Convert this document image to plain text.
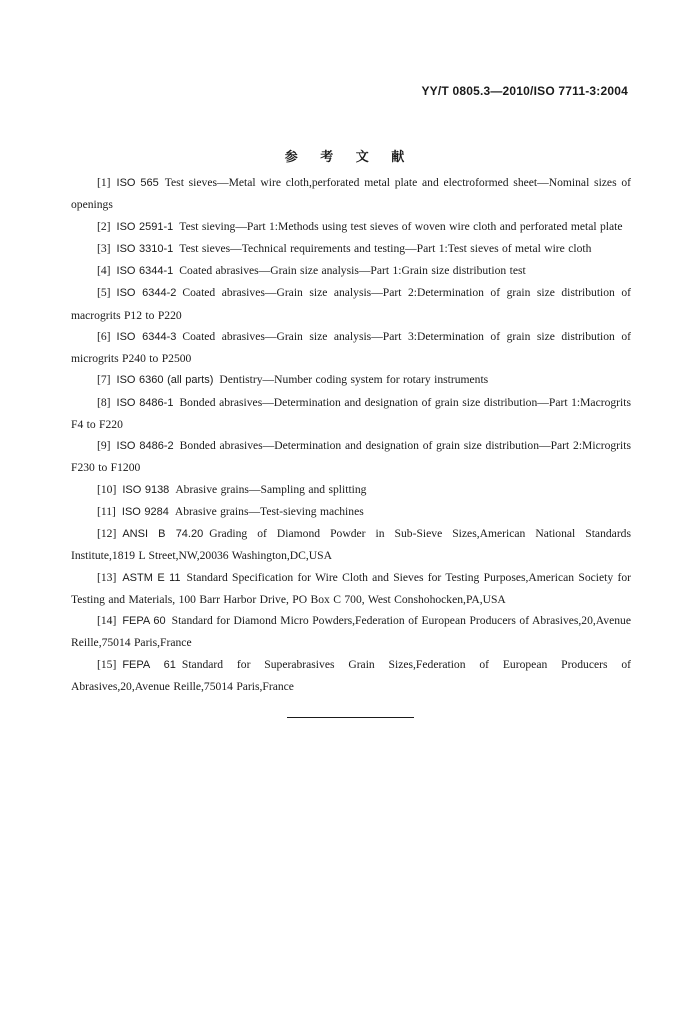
YY/T 0805.3—2010/ISO 7711-3:2004
参 考 文 献
[1] ISO 565 Test sieves—Metal wire cloth,perforated metal plate and electroformed sheet—Nominal sizes of openings
[2] ISO 2591-1 Test sieving—Part 1:Methods using test sieves of woven wire cloth and perforated metal plate
[3] ISO 3310-1 Test sieves—Technical requirements and testing—Part 1:Test sieves of metal wire cloth
[4] ISO 6344-1 Coated abrasives—Grain size analysis—Part 1:Grain size distribution test
[5] ISO 6344-2 Coated abrasives—Grain size analysis—Part 2:Determination of grain size distribution of macrogrits P12 to P220
[6] ISO 6344-3 Coated abrasives—Grain size analysis—Part 3:Determination of grain size distribution of microgrits P240 to P2500
[7] ISO 6360 (all parts) Dentistry—Number coding system for rotary instruments
[8] ISO 8486-1 Bonded abrasives—Determination and designation of grain size distribution—Part 1:Macrogrits F4 to F220
[9] ISO 8486-2 Bonded abrasives—Determination and designation of grain size distribution—Part 2:Microgrits F230 to F1200
[10] ISO 9138 Abrasive grains—Sampling and splitting
[11] ISO 9284 Abrasive grains—Test-sieving machines
[12] ANSI B 74.20 Grading of Diamond Powder in Sub-Sieve Sizes,American National Standards Institute,1819 L Street,NW,20036 Washington,DC,USA
[13] ASTM E 11 Standard Specification for Wire Cloth and Sieves for Testing Purposes,American Society for Testing and Materials, 100 Barr Harbor Drive, PO Box C 700, West Conshohocken,PA,USA
[14] FEPA 60 Standard for Diamond Micro Powders,Federation of European Producers of Abrasives,20,Avenue Reille,75014 Paris,France
[15] FEPA 61 Standard for Superabrasives Grain Sizes,Federation of European Producers of Abrasives,20,Avenue Reille,75014 Paris,France
